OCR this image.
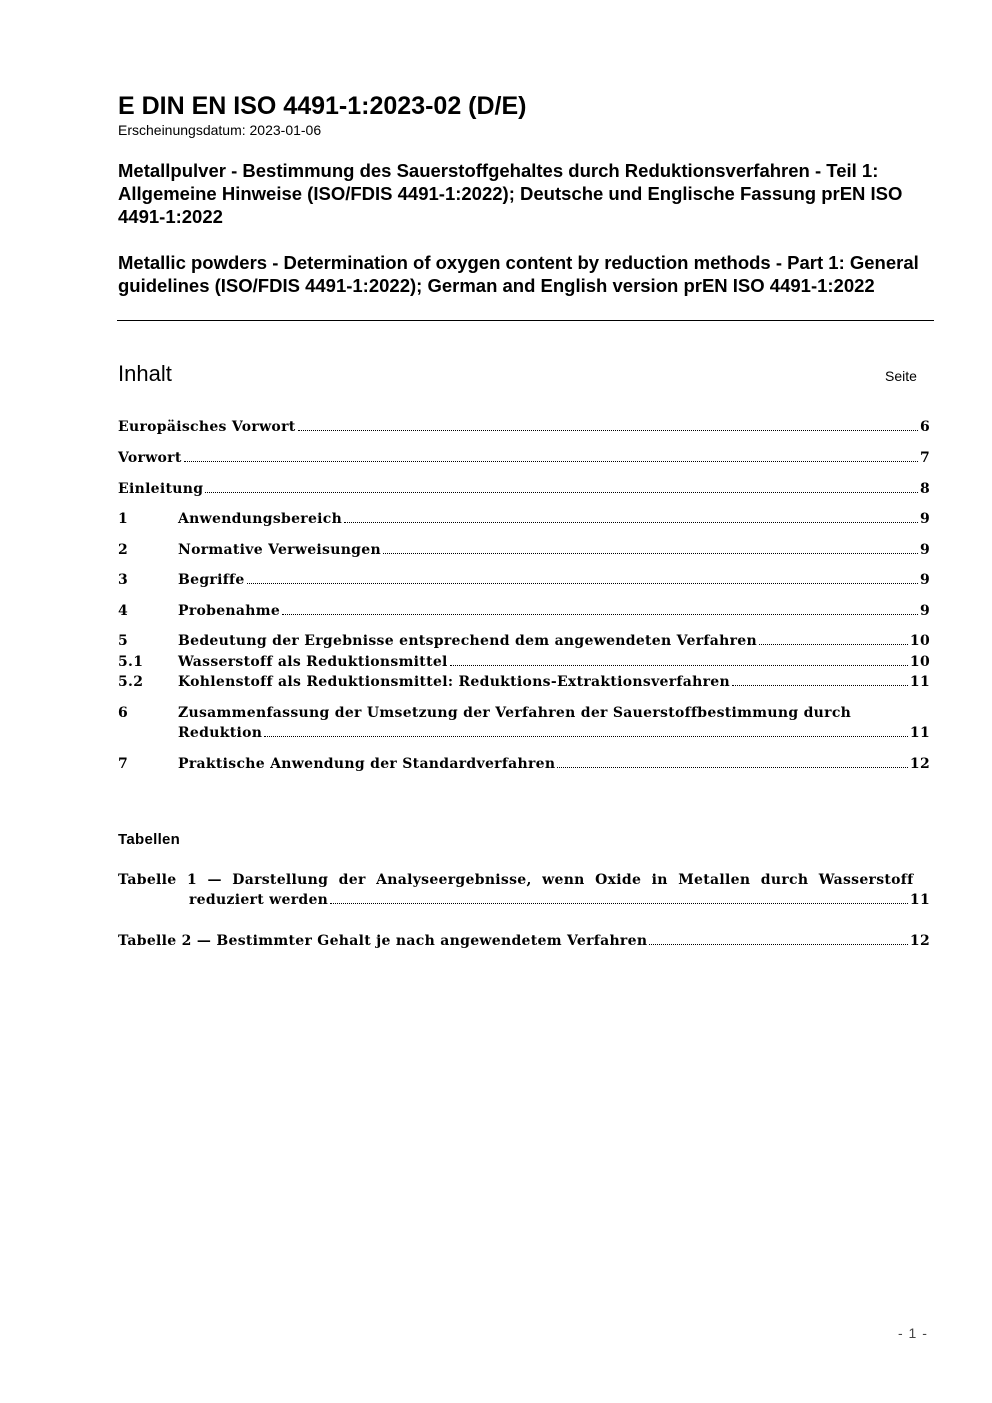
E DIN EN ISO 4491-1:2023-02 (D/E)
Erscheinungsdatum: 2023-01-06

Metallpulver - Bestimmung des Sauerstoffgehaltes durch Reduktionsverfahren - Teil 1: Allgemeine Hinweise (ISO/FDIS 4491-1:2022); Deutsche und Englische Fassung prEN ISO 4491-1:2022

Metallic powders - Determination of oxygen content by reduction methods - Part 1: General guidelines (ISO/FDIS 4491-1:2022); German and English version prEN ISO 4491-1:2022

Inhalt	Seite
Europäisches Vorwort	6
Vorwort	7
Einleitung	8
1	Anwendungsbereich	9
2	Normative Verweisungen	9
3	Begriffe	9
4	Probenahme	9
5	Bedeutung der Ergebnisse entsprechend dem angewendeten Verfahren	10
5.1	Wasserstoff als Reduktionsmittel	10
5.2	Kohlenstoff als Reduktionsmittel: Reduktions-Extraktionsverfahren	11
6	Zusammenfassung der Umsetzung der Verfahren der Sauerstoffbestimmung durch
Reduktion	11
7	Praktische Anwendung der Standardverfahren	12
Tabellen
Tabelle 1 — Darstellung der Analyseergebnisse, wenn Oxide in Metallen durch Wasserstoff
reduziert werden	11
Tabelle 2 — Bestimmter Gehalt je nach angewendetem Verfahren	12
- 1 -
